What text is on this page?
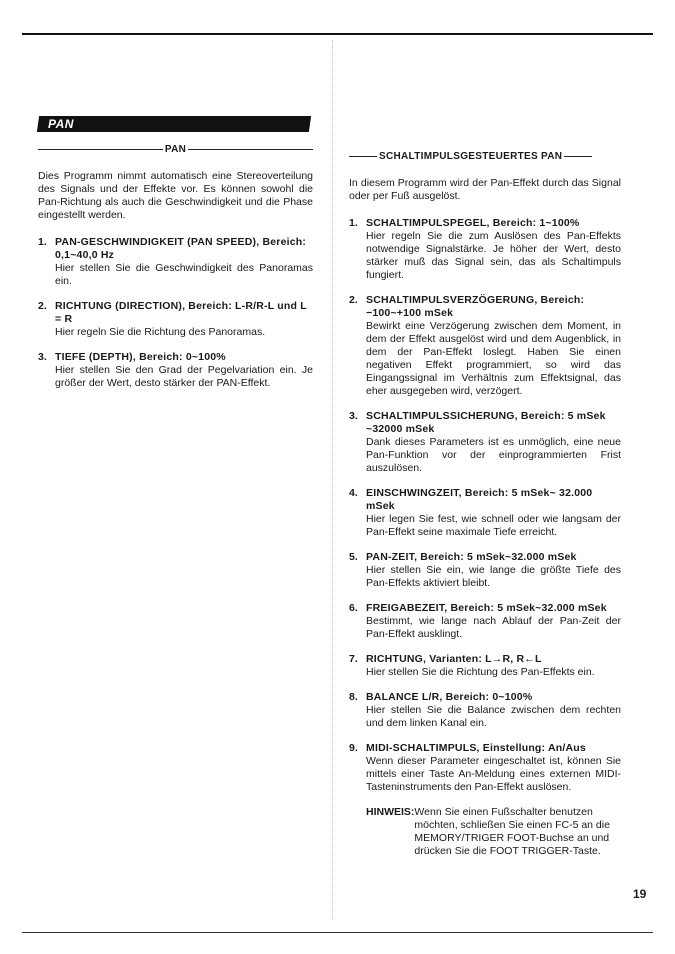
PAN
PAN

Dies Programm nimmt automatisch eine Stereoverteilung des Signals und der Effekte vor. Es können sowohl die Pan-Richtung als auch die Geschwindigkeit und die Phase eingestellt werden.

1. PAN-GESCHWINDIGKEIT (PAN SPEED), Bereich: 0,1~40,0 Hz
Hier stellen Sie die Geschwindigkeit des Panoramas ein.
2. RICHTUNG (DIRECTION), Bereich: L-R/R-L und L = R
Hier regeln Sie die Richtung des Panoramas.
3. TIEFE (DEPTH), Bereich: 0~100%
Hier stellen Sie den Grad der Pegelvariation ein. Je größer der Wert, desto stärker der PAN-Effekt.
SCHALTIMPULSGESTEUERTES PAN

In diesem Programm wird der Pan-Effekt durch das Signal oder per Fuß ausgelöst.

1. SCHALTIMPULSPEGEL, Bereich: 1~100%
Hier regeln Sie die zum Auslösen des Pan-Effekts notwendige Signalstärke. Je höher der Wert, desto stärker muß das Signal sein, das als Schaltimpuls fungiert.
2. SCHALTIMPULSVERZÖGERUNG, Bereich: −100~+100 mSek
Bewirkt eine Verzögerung zwischen dem Moment, in dem der Effekt ausgelöst wird und dem Augenblick, in dem der Pan-Effekt loslegt. Haben Sie einen negativen Effekt programmiert, so wird das Eingangssignal im Verhältnis zum Effektsignal, das eher ausgegeben wird, verzögert.
3. SCHALTIMPULSSICHERUNG, Bereich: 5 mSek ~32000 mSek
Dank dieses Parameters ist es unmöglich, eine neue Pan-Funktion vor der einprogrammierten Frist auszulösen.
4. EINSCHWINGZEIT, Bereich: 5 mSek~ 32.000 mSek
Hier legen Sie fest, wie schnell oder wie langsam der Pan-Effekt seine maximale Tiefe erreicht.
5. PAN-ZEIT, Bereich: 5 mSek~32.000 mSek
Hier stellen Sie ein, wie lange die größte Tiefe des Pan-Effekts aktiviert bleibt.
6. FREIGABEZEIT, Bereich: 5 mSek~32.000 mSek
Bestimmt, wie lange nach Ablauf der Pan-Zeit der Pan-Effekt ausklingt.
7. RICHTUNG, Varianten: L→R, R←L
Hier stellen Sie die Richtung des Pan-Effekts ein.
8. BALANCE L/R, Bereich: 0~100%
Hier stellen Sie die Balance zwischen dem rechten und dem linken Kanal ein.
9. MIDI-SCHALTIMPULS, Einstellung: An/Aus
Wenn dieser Parameter eingeschaltet ist, können Sie mittels einer Taste An-Meldung eines externen MIDI-Tasteninstruments den Pan-Effekt auslösen.
HINWEIS: Wenn Sie einen Fußschalter benutzen möchten, schließen Sie einen FC-5 an die MEMORY/TRIGER FOOT-Buchse an und drücken Sie die FOOT TRIGGER-Taste.
19
